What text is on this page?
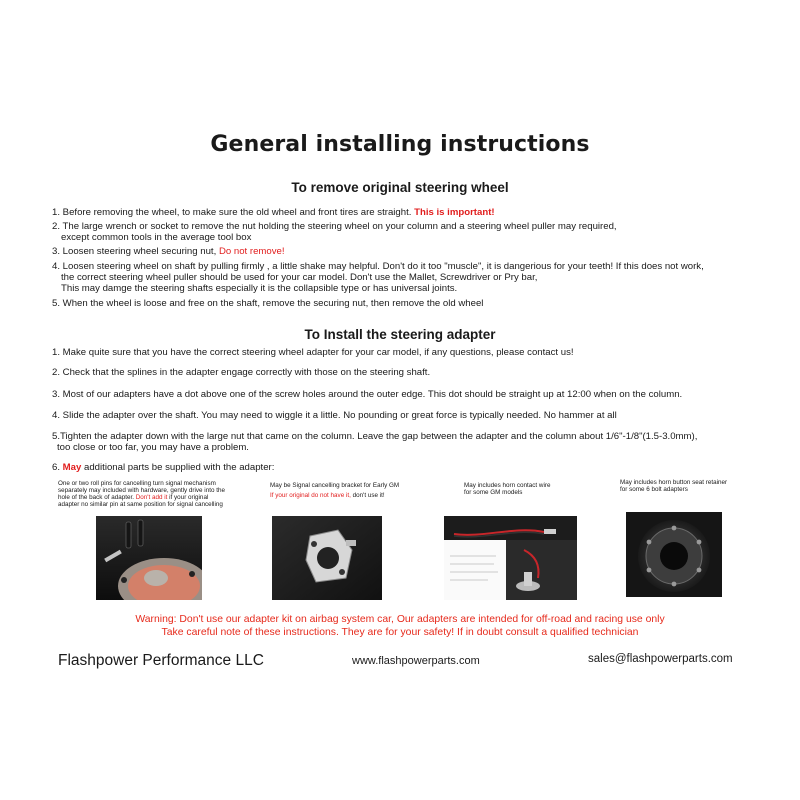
General installing instructions
To remove original steering wheel
1. Before removing the wheel, to make sure the old wheel and front tires are straight. This is important!
2. The large wrench or socket to remove the nut holding the steering wheel on your column and a steering wheel puller may required,
except common tools in the average tool box
3. Loosen steering wheel securing nut, Do not remove!
4. Loosen steering wheel on shaft by pulling firmly , a little shake may helpful. Don't do it too "muscle", it is dangerious for your teeth! If this does not work,
the correct steering wheel puller should be used for your car model. Don't use the Mallet, Screwdriver or Pry bar,
This may damge the steering shafts especially it is the collapsible type or has universal joints.
5. When the wheel is loose and free on the shaft, remove the securing nut, then remove the old wheel
To Install the steering adapter
1. Make quite sure that you have the correct steering wheel adapter for your car model, if any questions, please contact us!
2. Check that the splines in the adapter engage correctly with those on the steering shaft.
3. Most of our adapters have a dot above one of the screw holes around the outer edge. This dot should be straight up at 12:00 when on the column.
4. Slide the adapter over the shaft. You may need to wiggle it a little. No pounding or great force is typically needed. No hammer at all
5.Tighten the adapter down with the large nut that came on the column. Leave the gap between the adapter and the column about 1/6"-1/8"(1.5-3.0mm),
too close or too far, you may have a problem.
6. May additional parts be supplied with the adapter:
One or two roll pins for cancelling turn signal mechanism
separately may included with hardware, gently drive into the
hole of the back of adapter. Don't add it if your original
adapter no similar pin at same position for signal cancelling
May be Signal cancelling bracket for Early GM
If your original do not have it, don't use it!
May includes horn contact wire
for some GM models
May includes horn button seat retainer
for some 6 bolt adapters
Warning: Don't use our adapter kit on airbag system car, Our adapters are intended for off-road and racing use only
Take careful note of these instructions. They are for your safety! If in doubt consult a qualified technician
Flashpower Performance LLC	www.flashpowerparts.com	sales@flashpowerparts.com
